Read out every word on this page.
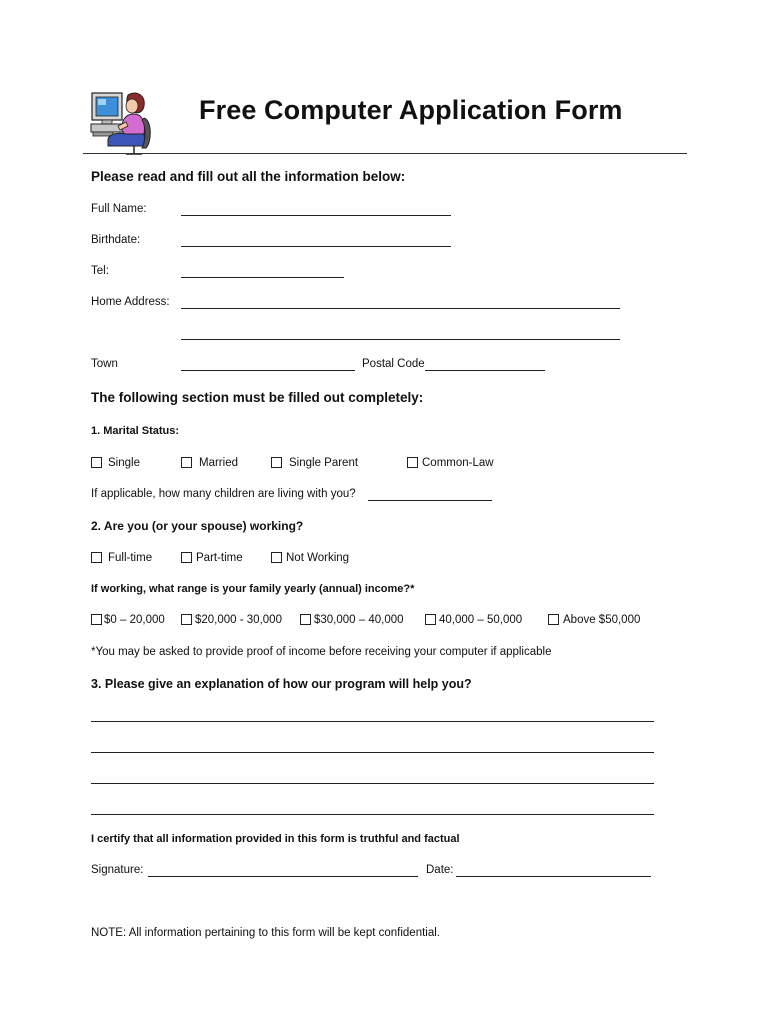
Free Computer Application Form
Please read and fill out all the information below:
Full Name:
Birthdate:
Tel:
Home Address:
Town	Postal Code
The following section must be filled out completely:
1. Marital Status:
Single	Married	Single Parent	Common-Law
If applicable, how many children are living with you?
2. Are you (or your spouse) working?
Full-time	Part-time	Not Working
If working, what range is your family yearly (annual) income?*
$0 – 20,000	$20,000 - 30,000	$30,000 – 40,000	40,000 – 50,000	Above $50,000
*You may be asked to provide proof of income before receiving your computer if applicable
3. Please give an explanation of how our program will help you?
I certify that all information provided in this form is truthful and factual
Signature:	Date:
NOTE: All information pertaining to this form will be kept confidential.
